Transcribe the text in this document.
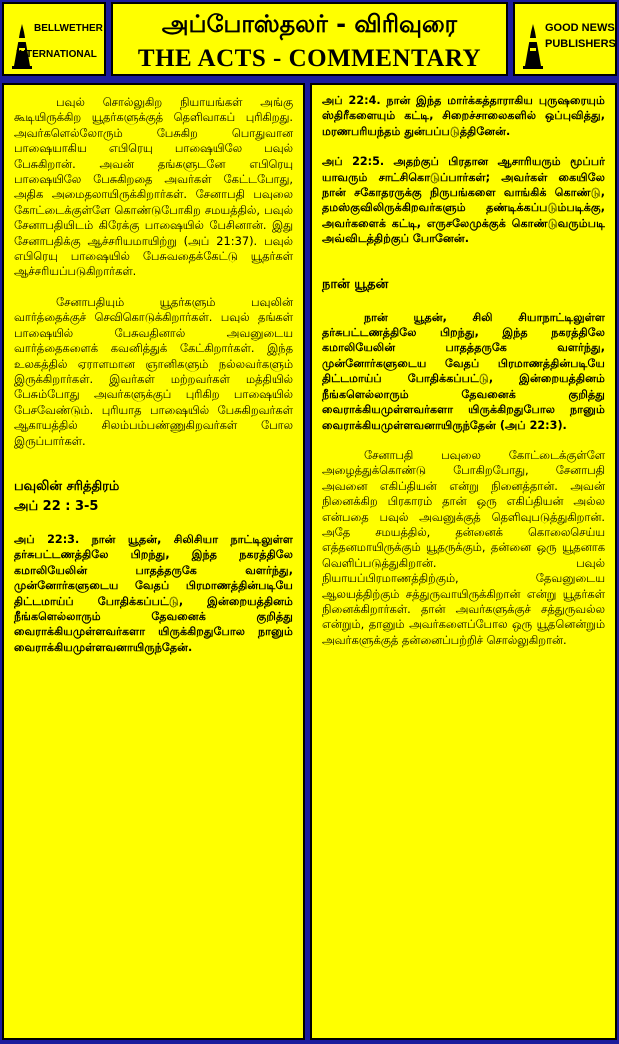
BELLWETHER
INTERNATIONAL
அப்போஸ்தலர் - விரிவுரை
THE ACTS - COMMENTARY
GOOD NEWS
PUBLISHERS

பவுல் சொல்லுகிற நியாயங்கள் அங்கு கூடியிருக்கிற யூதர்களுக்குத் தெளிவாகப் புரிகிறது. அவர்களெல்லோரும் பேசுகிற பொதுவான பாஷையாகிய எபிரெயு பாஷையிலே பவுல் பேசுகிறான். அவன் தங்களுடனே எபிரெயு பாஷையிலே பேசுகிறதை அவர்கள் கேட்டபோது, அதிக அமைதலாயிருக்கிறார்கள். சேனாபதி பவுலை கோட்டைக்குள்ளே கொண்டுபோகிற சமயத்தில், பவுல் சேனாபதியிடம் கிரேக்கு பாஷையில் பேசினான். இது சேனாபதிக்கு ஆச்சரியமாயிற்று (அப் 21:37). பவுல் எபிரெயு பாஷையில் பேசுவதைக்கேட்டு யூதர்கள் ஆச்சரியப்படுகிறார்கள்.

சேனாபதியும் யூதர்களும் பவுலின் வார்த்தைக்குச் செவிகொடுக்கிறார்கள். பவுல் தங்கள் பாஷையில் பேசுவதினால் அவனுடைய வார்த்தைகளைக் கவனித்துக் கேட்கிறார்கள். இந்த உலகத்தில் ஏராளமான ஞானிகளும் நல்லவர்களும் இருக்கிறார்கள். இவர்கள் மற்றவர்கள் மத்தியில் பேசும்போது அவர்களுக்குப் புரிகிற பாஷையில் பேசவேண்டும். புரியாத பாஷையில் பேசுகிறவர்கள் ஆகாயத்தில் சிலம்பம்பண்ணுகிறவர்கள் போல இருப்பார்கள்.

பவுலின் சரித்திரம்
அப் 22 : 3-5

அப் 22:3. நான் யூதன், சிலிசியா நாட்டிலுள்ள தர்சுபட்டணத்திலே பிறந்து, இந்த நகரத்திலே கமாலியேலின் பாதத்தருகே வளர்ந்து, முன்னோர்களுடைய வேதப் பிரமாணத்தின்படியே திட்டமாய்ப் போதிக்கப்பட்டு, இன்றையத்தினம் நீங்களெல்லாரும் தேவனைக் குறித்து வைராக்கியமுள்ளவர்களா யிருக்கிறதுபோல நானும் வைராக்கியமுள்ளவனாயிருந்தேன்.

அப் 22:4. நான் இந்த மார்க்கத்தாராகிய புருஷரையும் ஸ்திரீகளையும் கட்டி, சிறைச்சாலைகளில் ஒப்புவித்து, மரணபரியந்தம் துன்பப்படுத்தினேன்.

அப் 22:5. அதற்குப் பிரதான ஆசாரியரும் மூப்பர் யாவரும் சாட்சிகொடுப்பார்கள்; அவர்கள் கையிலே நான் சகோதரருக்கு நிருபங்களை வாங்கிக் கொண்டு, தமஸ்குவிலிருக்கிறவர்களும் தண்டிக்கப்படும்படிக்கு, அவர்களைக் கட்டி, எருசலேமுக்குக் கொண்டுவரும்படி அவ்விடத்திற்குப் போனேன்.

நான் யூதன்

நான் யூதன், சிலி சியாநாட்டிலுள்ள தர்சுபட்டணத்திலே பிறந்து, இந்த நகரத்திலே கமாலியேலின் பாதத்தருகே வளர்ந்து, முன்னோர்களுடைய வேதப் பிரமாணத்தின்படியே திட்டமாய்ப் போதிக்கப்பட்டு, இன்றையத்தினம் நீங்களெல்லாரும் தேவனைக் குறித்து வைராக்கியமுள்ளவர்களா யிருக்கிறதுபோல நானும் வைராக்கியமுள்ளவனாயிருந்தேன் (அப் 22:3).

சேனாபதி பவுலை கோட்டைக்குள்ளே அழைத்துக்கொண்டு போகிறபோது, சேனாபதி அவனை எகிப்தியன் என்று நினைத்தான். அவன் நினைக்கிற பிரகாரம் தான் ஒரு எகிப்தியன் அல்ல என்பதை பவுல் அவனுக்குத் தெளிவுபடுத்துகிறான். அதே சமயத்தில், தன்னைக் கொலைசெய்ய எத்தனமாயிருக்கும் யூதருக்கும், தன்னை ஒரு யூதனாக வெளிப்படுத்துகிறான். பவுல் நியாயப்பிரமாணத்திற்கும், தேவனுடைய ஆலயத்திற்கும் சத்துருவாயிருக்கிறான் என்று யூதர்கள் நினைக்கிறார்கள். தான் அவர்களுக்குச் சத்துருவல்ல என்றும், தானும் அவர்களைப்போல ஒரு யூதனென்றும் அவர்களுக்குத் தன்னைப்பற்றிச் சொல்லுகிறான்.
